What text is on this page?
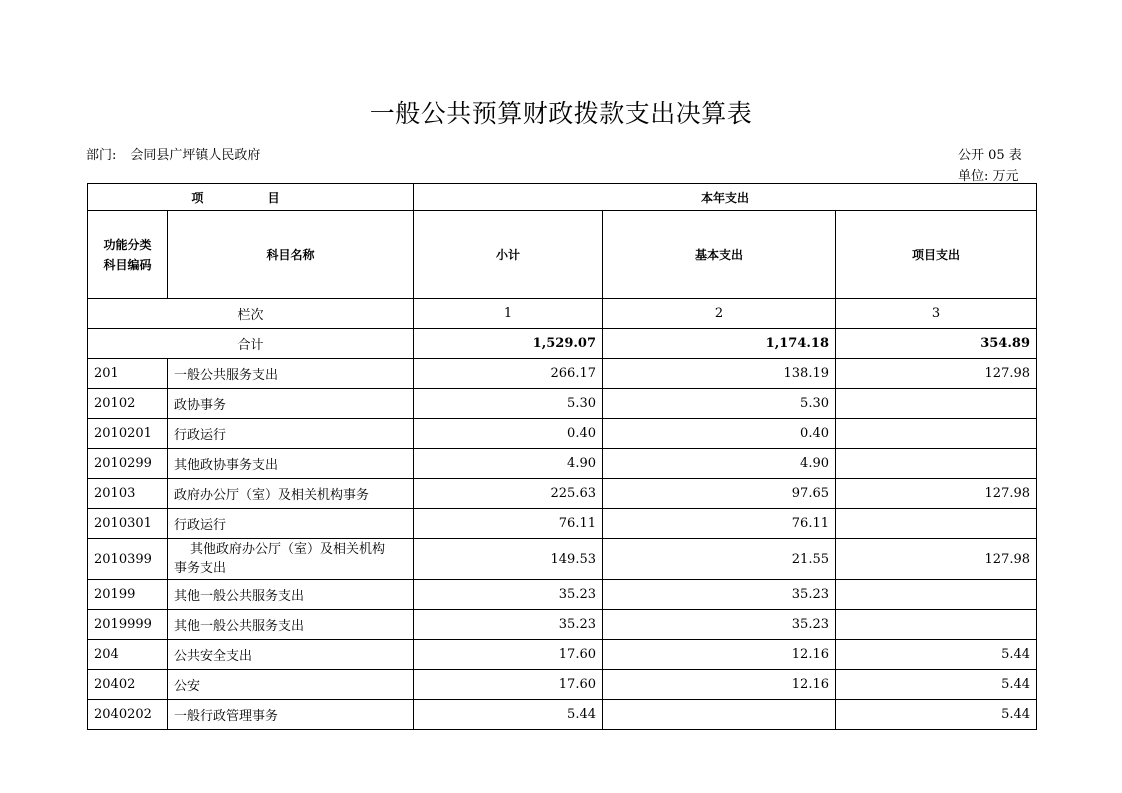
一般公共预算财政拨款支出决算表
部门: 会同县广坪镇人民政府	公开 05 表
单位: 万元
项 目		本年支出		
功能分类
科目编码	科目名称	小计	基本支出	项目支出
栏次		1	2	3
合计		1,529.07	1,174.18	354.89
201	一般公共服务支出	266.17	138.19	127.98
20102	政协事务	5.30	5.30	
2010201	行政运行	0.40	0.40	
2010299	其他政协事务支出	4.90	4.90	
20103	政府办公厅（室）及相关机构事务	225.63	97.65	127.98
2010301	行政运行	76.11	76.11	
2010399	其他政府办公厅（室）及相关机构
事务支出	149.53	21.55	127.98
20199	其他一般公共服务支出	35.23	35.23	
2019999	其他一般公共服务支出	35.23	35.23	
204	公共安全支出	17.60	12.16	5.44
20402	公安	17.60	12.16	5.44
2040202	一般行政管理事务	5.44		5.44
